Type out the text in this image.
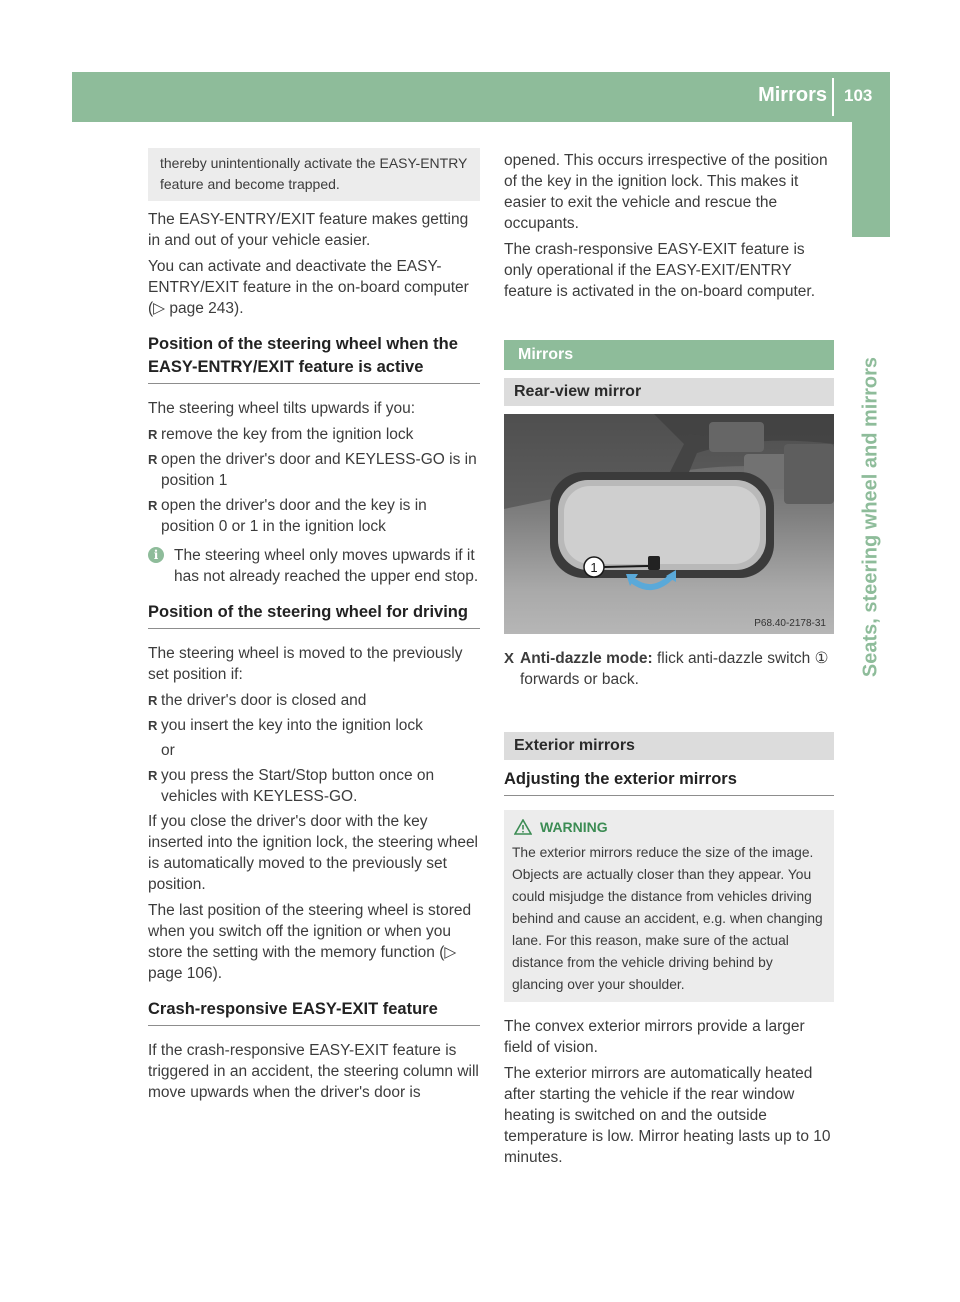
Mirrors 103
Seats, steering wheel and mirrors
thereby unintentionally activate the EASY-ENTRY feature and become trapped.

The EASY-ENTRY/EXIT feature makes getting in and out of your vehicle easier.

You can activate and deactivate the EASY-ENTRY/EXIT feature in the on-board computer (▷ page 243).

Position of the steering wheel when the EASY-ENTRY/EXIT feature is active

The steering wheel tilts upwards if you:

R remove the key from the ignition lock
R open the driver's door and KEYLESS-GO is in position 1
R open the driver's door and the key is in position 0 or 1 in the ignition lock
i	The steering wheel only moves upwards if it has not already reached the upper end stop.
Position of the steering wheel for driving

The steering wheel is moved to the previously set position if:

R the driver's door is closed and
R you insert the key into the ignition lock
or
R you press the Start/Stop button once on vehicles with KEYLESS-GO.

If you close the driver's door with the key inserted into the ignition lock, the steering wheel is automatically moved to the previously set position.

The last position of the steering wheel is stored when you switch off the ignition or when you store the setting with the memory function (▷ page 106).

Crash-responsive EASY-EXIT feature

If the crash-responsive EASY-EXIT feature is triggered in an accident, the steering column will move upwards when the driver's door is

opened. This occurs irrespective of the position of the key in the ignition lock. This makes it easier to exit the vehicle and rescue the occupants.

The crash-responsive EASY-EXIT feature is only operational if the EASY-EXIT/ENTRY feature is activated in the on-board computer.

Mirrors
Rear-view mirror
1
P68.40-2178-31
X Anti-dazzle mode: flick anti-dazzle switch ① forwards or back.
Exterior mirrors
Adjusting the exterior mirrors
WARNING
The exterior mirrors reduce the size of the image. Objects are actually closer than they appear. You could misjudge the distance from vehicles driving behind and cause an accident, e.g. when changing lane. For this reason, make sure of the actual distance from the vehicle driving behind by glancing over your shoulder.

The convex exterior mirrors provide a larger field of vision.

The exterior mirrors are automatically heated after starting the vehicle if the rear window heating is switched on and the outside temperature is low. Mirror heating lasts up to 10 minutes.
